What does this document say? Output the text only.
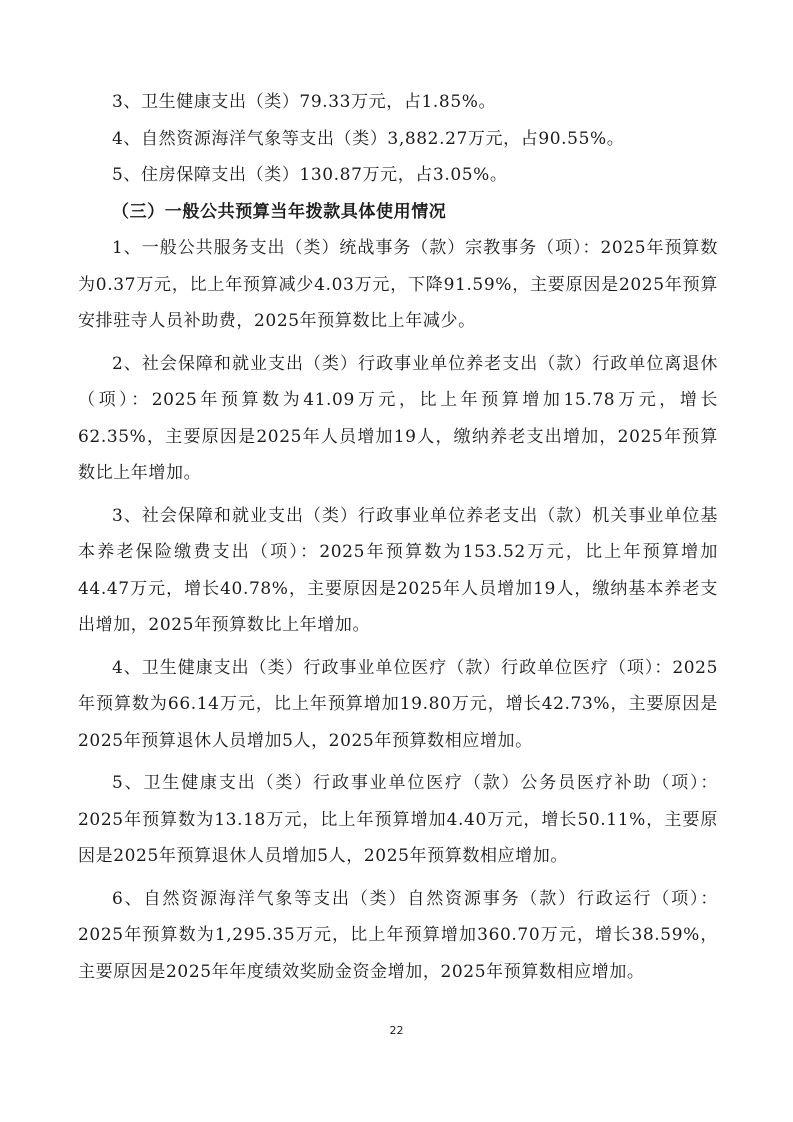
3、卫生健康支出（类）79.33万元，占1.85%。

4、自然资源海洋气象等支出（类）3,882.27万元，占90.55%。

5、住房保障支出（类）130.87万元，占3.05%。

（三）一般公共预算当年拨款具体使用情况

1、一般公共服务支出（类）统战事务（款）宗教事务（项）：2025年预算数为0.37万元，比上年预算减少4.03万元，下降91.59%，主要原因是2025年预算安排驻寺人员补助费，2025年预算数比上年减少。

2、社会保障和就业支出（类）行政事业单位养老支出（款）行政单位离退休（项）：2025年预算数为41.09万元，比上年预算增加15.78万元，增长62.35%，主要原因是2025年人员增加19人，缴纳养老支出增加，2025年预算数比上年增加。

3、社会保障和就业支出（类）行政事业单位养老支出（款）机关事业单位基本养老保险缴费支出（项）：2025年预算数为153.52万元，比上年预算增加44.47万元，增长40.78%，主要原因是2025年人员增加19人，缴纳基本养老支出增加，2025年预算数比上年增加。

4、卫生健康支出（类）行政事业单位医疗（款）行政单位医疗（项）：2025年预算数为66.14万元，比上年预算增加19.80万元，增长42.73%，主要原因是2025年预算退休人员增加5人，2025年预算数相应增加。

5、卫生健康支出（类）行政事业单位医疗（款）公务员医疗补助（项）：2025年预算数为13.18万元，比上年预算增加4.40万元，增长50.11%，主要原因是2025年预算退休人员增加5人，2025年预算数相应增加。

6、自然资源海洋气象等支出（类）自然资源事务（款）行政运行（项）：2025年预算数为1,295.35万元，比上年预算增加360.70万元，增长38.59%，主要原因是2025年年度绩效奖励金资金增加，2025年预算数相应增加。

22
